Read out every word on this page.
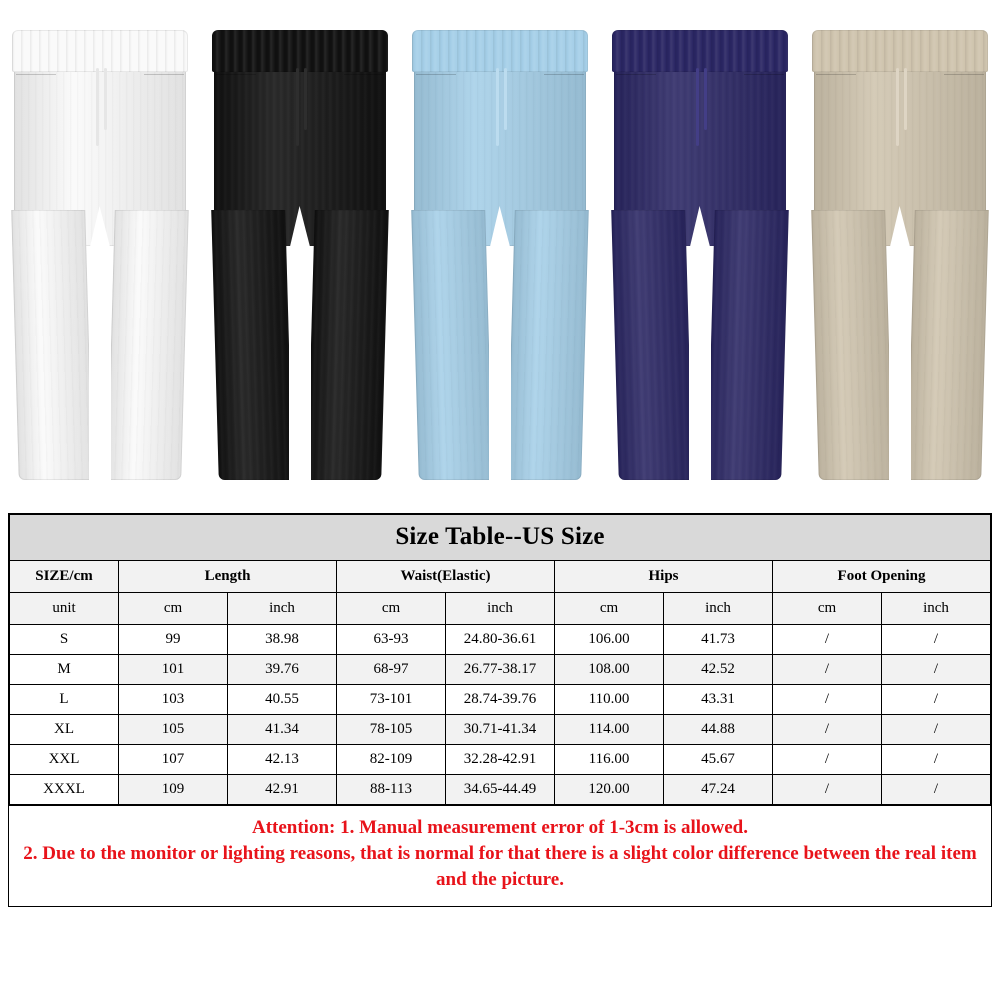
Size Table--US Size								
SIZE/cm	Length		Waist(Elastic)		Hips		Foot Opening	
unit	cm	inch	cm	inch	cm	inch	cm	inch
S	99	38.98	63-93	24.80-36.61	106.00	41.73	/	/
M	101	39.76	68-97	26.77-38.17	108.00	42.52	/	/
L	103	40.55	73-101	28.74-39.76	110.00	43.31	/	/
XL	105	41.34	78-105	30.71-41.34	114.00	44.88	/	/
XXL	107	42.13	82-109	32.28-42.91	116.00	45.67	/	/
XXXL	109	42.91	88-113	34.65-44.49	120.00	47.24	/	/
Attention: 1. Manual measurement error of 1-3cm is allowed.
2. Due to the monitor or lighting reasons, that is normal for that there is a slight color difference between the real item and the picture.
